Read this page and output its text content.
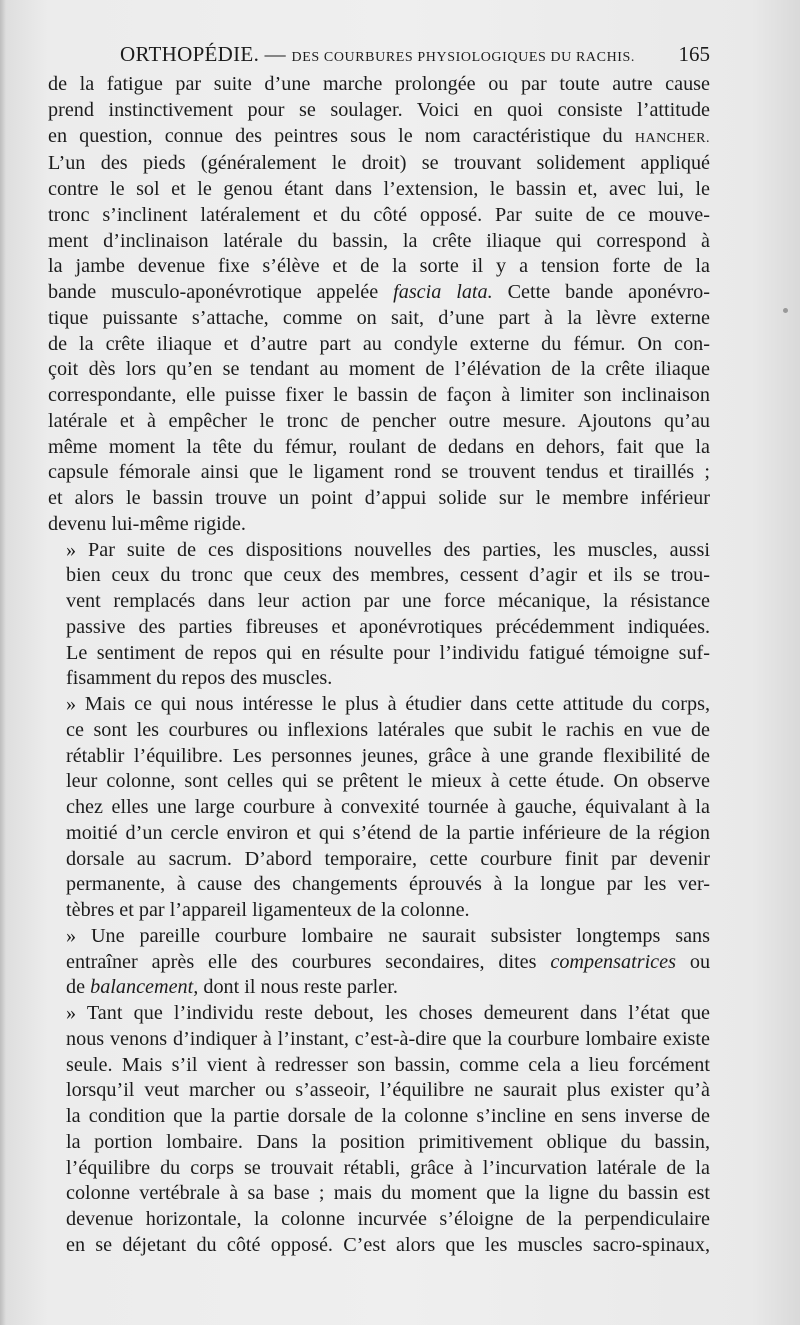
ORTHOPÉDIE. — DES COURBURES PHYSIOLOGIQUES DU RACHIS. 165

de la fatigue par suite d’une marche prolongée ou par toute autre cause
prend instinctivement pour se soulager. Voici en quoi consiste l’attitude
en question, connue des peintres sous le nom caractéristique du HANCHER.
L’un des pieds (généralement le droit) se trouvant solidement appliqué
contre le sol et le genou étant dans l’extension, le bassin et, avec lui, le
tronc s’inclinent latéralement et du côté opposé. Par suite de ce mouve-
ment d’inclinaison latérale du bassin, la crête iliaque qui correspond à
la jambe devenue fixe s’élève et de la sorte il y a tension forte de la
bande musculo-aponévrotique appelée fascia lata. Cette bande aponévro-
tique puissante s’attache, comme on sait, d’une part à la lèvre externe
de la crête iliaque et d’autre part au condyle externe du fémur. On con-
çoit dès lors qu’en se tendant au moment de l’élévation de la crête iliaque
correspondante, elle puisse fixer le bassin de façon à limiter son inclinaison
latérale et à empêcher le tronc de pencher outre mesure. Ajoutons qu’au
même moment la tête du fémur, roulant de dedans en dehors, fait que la
capsule fémorale ainsi que le ligament rond se trouvent tendus et tiraillés ;
et alors le bassin trouve un point d’appui solide sur le membre inférieur
devenu lui-même rigide.

» Par suite de ces dispositions nouvelles des parties, les muscles, aussi
bien ceux du tronc que ceux des membres, cessent d’agir et ils se trou-
vent remplacés dans leur action par une force mécanique, la résistance
passive des parties fibreuses et aponévrotiques précédemment indiquées.
Le sentiment de repos qui en résulte pour l’individu fatigué témoigne suf-
fisamment du repos des muscles.

» Mais ce qui nous intéresse le plus à étudier dans cette attitude du corps,
ce sont les courbures ou inflexions latérales que subit le rachis en vue de
rétablir l’équilibre. Les personnes jeunes, grâce à une grande flexibilité de
leur colonne, sont celles qui se prêtent le mieux à cette étude. On observe
chez elles une large courbure à convexité tournée à gauche, équivalant à la
moitié d’un cercle environ et qui s’étend de la partie inférieure de la région
dorsale au sacrum. D’abord temporaire, cette courbure finit par devenir
permanente, à cause des changements éprouvés à la longue par les ver-
tèbres et par l’appareil ligamenteux de la colonne.

» Une pareille courbure lombaire ne saurait subsister longtemps sans
entraîner après elle des courbures secondaires, dites compensatrices ou
de balancement, dont il nous reste parler.

» Tant que l’individu reste debout, les choses demeurent dans l’état que
nous venons d’indiquer à l’instant, c’est-à-dire que la courbure lombaire existe
seule. Mais s’il vient à redresser son bassin, comme cela a lieu forcément
lorsqu’il veut marcher ou s’asseoir, l’équilibre ne saurait plus exister qu’à
la condition que la partie dorsale de la colonne s’incline en sens inverse de
la portion lombaire. Dans la position primitivement oblique du bassin,
l’équilibre du corps se trouvait rétabli, grâce à l’incurvation latérale de la
colonne vertébrale à sa base ; mais du moment que la ligne du bassin est
devenue horizontale, la colonne incurvée s’éloigne de la perpendiculaire
en se déjetant du côté opposé. C’est alors que les muscles sacro-spinaux,
